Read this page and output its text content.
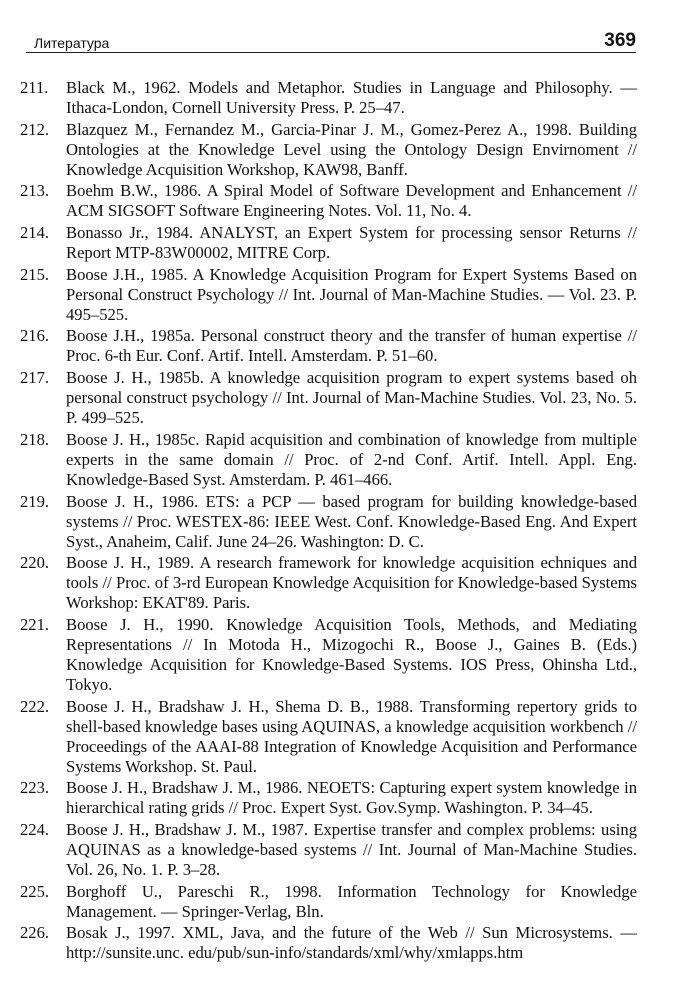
Литература	369
211.	Black M., 1962. Models and Metaphor. Studies in Language and Philosophy. — Ithaca-London, Cornell University Press. P. 25–47.
212.	Blazquez M., Fernandez M., Garcia-Pinar J. M., Gomez-Perez A., 1998. Building Ontologies at the Knowledge Level using the Ontology Design Envirnoment // Knowledge Acquisition Workshop, KAW98, Banff.
213.	Boehm B.W., 1986. A Spiral Model of Software Development and Enhancement // ACM SIGSOFT Software Engineering Notes. Vol. 11, No. 4.
214.	Bonasso Jr., 1984. ANALYST, an Expert System for processing sensor Returns // Report MTP-83W00002, MITRE Corp.
215.	Boose J.H., 1985. A Knowledge Acquisition Program for Expert Systems Based on Personal Construct Psychology // Int. Journal of Man-Machine Studies. — Vol. 23. P. 495–525.
216.	Boose J.H., 1985a. Personal construct theory and the transfer of human expertise // Proc. 6-th Eur. Conf. Artif. Intell. Amsterdam. P. 51–60.
217.	Boose J. H., 1985b. A knowledge acquisition program to expert systems based oh personal construct psychology // Int. Journal of Man-Machine Studies. Vol. 23, No. 5. P. 499–525.
218.	Boose J. H., 1985c. Rapid acquisition and combination of knowledge from multiple experts in the same domain // Proc. of 2-nd Conf. Artif. Intell. Appl. Eng. Knowledge-Based Syst. Amsterdam. P. 461–466.
219.	Boose J. H., 1986. ETS: a PCP — based program for building knowledge-based systems // Proc. WESTEX-86: IEEE West. Conf. Knowledge-Based Eng. And Expert Syst., Anaheim, Calif. June 24–26. Washington: D. C.
220.	Boose J. H., 1989. A research framework for knowledge acquisition echniques and tools // Proc. of 3-rd European Knowledge Acquisition for Knowledge-based Systems Workshop: EKAT'89. Paris.
221.	Boose J. H., 1990. Knowledge Acquisition Tools, Methods, and Mediating Representations // In Motoda H., Mizogochi R., Boose J., Gaines B. (Eds.) Knowledge Acquisition for Knowledge-Based Systems. IOS Press, Ohinsha Ltd., Tokyo.
222.	Boose J. H., Bradshaw J. H., Shema D. B., 1988. Transforming repertory grids to shell-based knowledge bases using AQUINAS, a knowledge acquisition workbench // Proceedings of the AAAI-88 Integration of Knowledge Acquisition and Performance Systems Workshop. St. Paul.
223.	Boose J. H., Bradshaw J. M., 1986. NEOETS: Capturing expert system knowledge in hierarchical rating grids // Proc. Expert Syst. Gov.Symp. Washington. P. 34–45.
224.	Boose J. H., Bradshaw J. M., 1987. Expertise transfer and complex problems: using AQUINAS as a knowledge-based systems // Int. Journal of Man-Machine Studies. Vol. 26, No. 1. P. 3–28.
225.	Borghoff U., Pareschi R., 1998. Information Technology for Knowledge Management. — Springer-Verlag, Bln.
226.	Bosak J., 1997. XML, Java, and the future of the Web // Sun Microsystems. — http://sunsite.unc. edu/pub/sun-info/standards/xml/why/xmlapps.htm
